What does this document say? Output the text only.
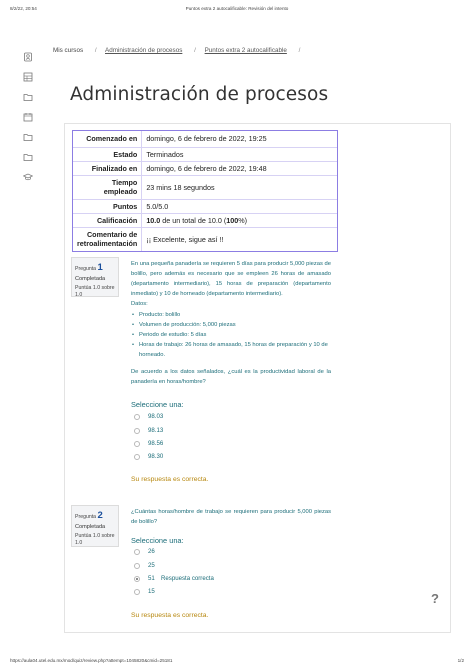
8/2/22, 20:54	Puntos extra 2 autocalificable: Revisión del intento
Mis cursos / Administración de procesos / Puntos extra 2 autocalificable /
Administración de procesos
Comenzado en	domingo, 6 de febrero de 2022, 19:25
Estado	Terminados
Finalizado en	domingo, 6 de febrero de 2022, 19:48
Tiempo empleado	23 mins 18 segundos
Puntos	5.0/5.0
Calificación	10.0 de un total de 10.0 (100%)
Comentario de retroalimentación	¡¡ Excelente, sigue así !!
Pregunta 1
Completada
Puntúa 1.0 sobre 1.0

En una pequeña panadería se requieren 5 días para producir 5,000 piezas de bolillo, pero además es necesario que se empleen 26 horas de amasado (departamento intermediario), 15 horas de preparación (departamento inmediato) y 10 de horneado (departamento intermediario).

Datos:
• Producto: bolillo
• Volumen de producción: 5,000 piezas
• Periodo de estudio: 5 días
• Horas de trabajo: 26 horas de amasado, 15 horas de preparación y 10 de horneado.

De acuerdo a los datos señalados, ¿cuál es la productividad laboral de la panadería en horas/hombre?

Seleccione una:
98.03
98.13
98.56
98.30
Su respuesta es correcta.
Pregunta 2
Completada
Puntúa 1.0 sobre 1.0

¿Cuántas horas/hombre de trabajo se requieren para producir 5,000 piezas de bolillo?

Seleccione una:
26
25
51 Respuesta correcta
15
Su respuesta es correcta.
?
https://aula04.utel.edu.mx/mod/quiz/review.php?attempt=1045820&cmid=25181	1/2
